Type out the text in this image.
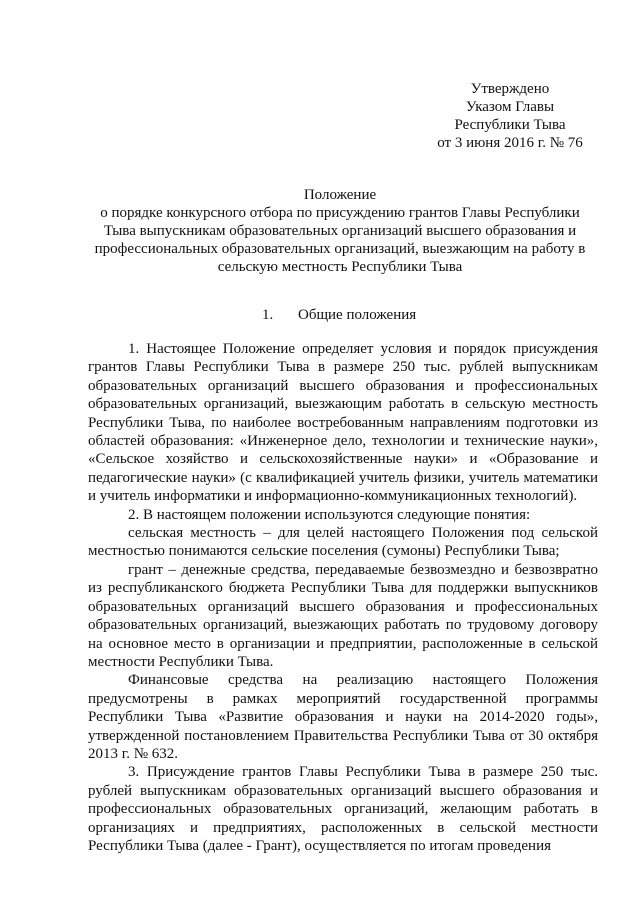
Утверждено
Указом Главы
Республики Тыва
от 3 июня 2016 г. № 76
Положение
о порядке конкурсного отбора по присуждению грантов Главы Республики
Тыва выпускникам образовательных организаций высшего образования и
профессиональных образовательных организаций, выезжающим на работу в
сельскую местность Республики Тыва
1. Общие положения

1. Настоящее Положение определяет условия и порядок присуждения грантов Главы Республики Тыва в размере 250 тыс. рублей выпускникам образовательных организаций высшего образования и профессиональных образовательных организаций, выезжающим работать в сельскую местность Республики Тыва, по наиболее востребованным направлениям подготовки из областей образования: «Инженерное дело, технологии и технические науки», «Сельское хозяйство и сельскохозяйственные науки» и «Образование и педагогические науки» (с квалификацией учитель физики, учитель математики и учитель информатики и информационно-коммуникационных технологий).

2. В настоящем положении используются следующие понятия:

сельская местность – для целей настоящего Положения под сельской местностью понимаются сельские поселения (сумоны) Республики Тыва;

грант – денежные средства, передаваемые безвозмездно и безвозвратно из республиканского бюджета Республики Тыва для поддержки выпускников образовательных организаций высшего образования и профессиональных образовательных организаций, выезжающих работать по трудовому договору на основное место в организации и предприятии, расположенные в сельской местности Республики Тыва.

Финансовые средства на реализацию настоящего Положения предусмотрены в рамках мероприятий государственной программы Республики Тыва «Развитие образования и науки на 2014-2020 годы», утвержденной постановлением Правительства Республики Тыва от 30 октября 2013 г. № 632.

3. Присуждение грантов Главы Республики Тыва в размере 250 тыс. рублей выпускникам образовательных организаций высшего образования и профессиональных образовательных организаций, желающим работать в организациях и предприятиях, расположенных в сельской местности Республики Тыва (далее - Грант), осуществляется по итогам проведения
